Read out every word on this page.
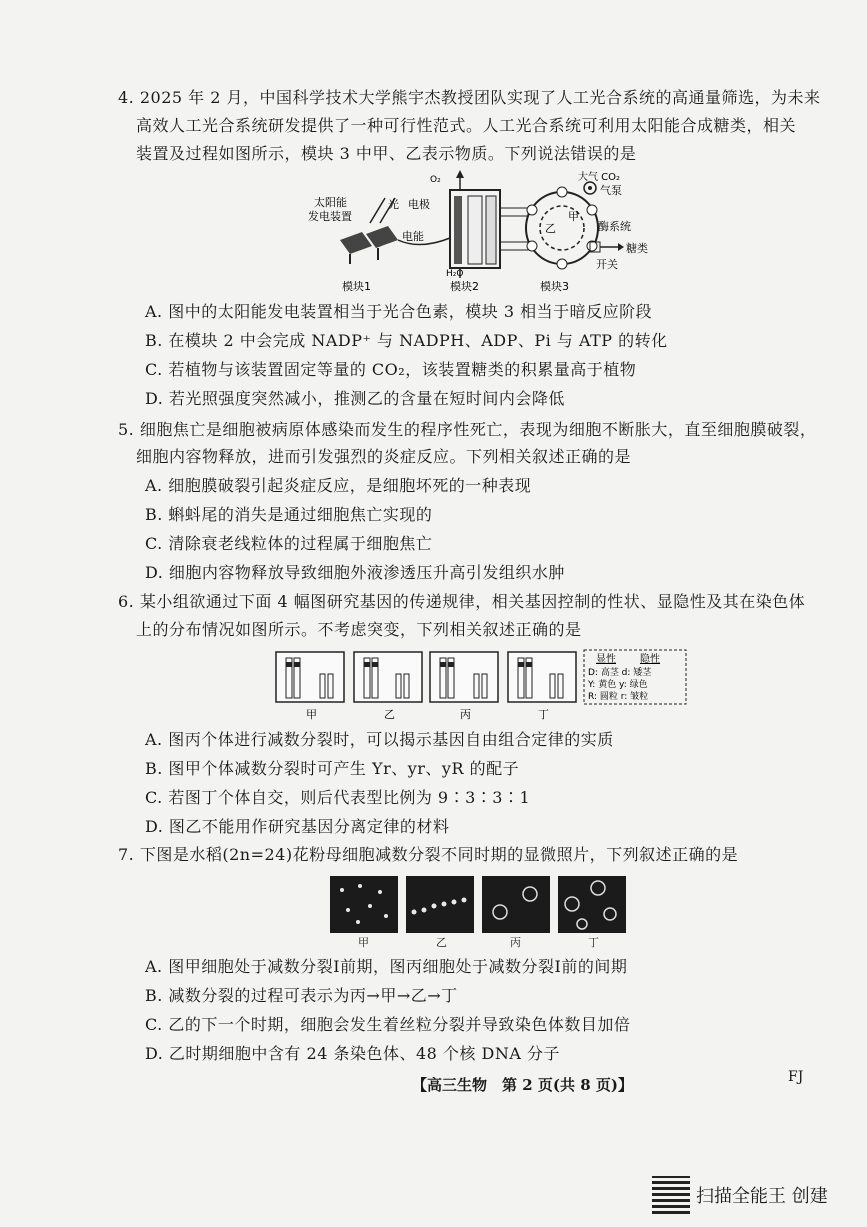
4. 2025 年 2 月，中国科学技术大学熊宇杰教授团队实现了人工光合系统的高通量筛选，为未来
高效人工光合系统研发提供了一种可行性范式。人工光合系统可利用太阳能合成糖类，相关
装置及过程如图所示，模块 3 中甲、乙表示物质。下列说法错误的是
模块1	模块2	模块3
太阳能
发电装置
光 电极
电能
O₂
H₂O
大气 CO₂
气泵
酶系统
糖类
开关
乙
甲
A. 图中的太阳能发电装置相当于光合色素，模块 3 相当于暗反应阶段
B. 在模块 2 中会完成 NADP⁺ 与 NADPH、ADP、Pi 与 ATP 的转化
C. 若植物与该装置固定等量的 CO₂，该装置糖类的积累量高于植物
D. 若光照强度突然减小，推测乙的含量在短时间内会降低
5. 细胞焦亡是细胞被病原体感染而发生的程序性死亡，表现为细胞不断胀大，直至细胞膜破裂，
细胞内容物释放，进而引发强烈的炎症反应。下列相关叙述正确的是
A. 细胞膜破裂引起炎症反应，是细胞坏死的一种表现
B. 蝌蚪尾的消失是通过细胞焦亡实现的
C. 清除衰老线粒体的过程属于细胞焦亡
D. 细胞内容物释放导致细胞外液渗透压升高引发组织水肿
6. 某小组欲通过下面 4 幅图研究基因的传递规律，相关基因控制的性状、显隐性及其在染色体
上的分布情况如图所示。不考虑突变，下列相关叙述正确的是
显性 隐性
D: 高茎 d: 矮茎
Y: 黄色 y: 绿色
R: 圆粒 r: 皱粒
甲	乙	丙	丁
A. 图丙个体进行减数分裂时，可以揭示基因自由组合定律的实质
B. 图甲个体减数分裂时可产生 Yr、yr、yR 的配子
C. 若图丁个体自交，则后代表型比例为 9∶3∶3∶1
D. 图乙不能用作研究基因分离定律的材料
7. 下图是水稻(2n=24)花粉母细胞减数分裂不同时期的显微照片，下列叙述正确的是
甲	乙	丙	丁
A. 图甲细胞处于减数分裂Ⅰ前期，图丙细胞处于减数分裂Ⅰ前的间期
B. 减数分裂的过程可表示为丙→甲→乙→丁
C. 乙的下一个时期，细胞会发生着丝粒分裂并导致染色体数目加倍
D. 乙时期细胞中含有 24 条染色体、48 个核 DNA 分子
【高三生物　第 2 页(共 8 页)】	FJ
扫描全能王 创建
